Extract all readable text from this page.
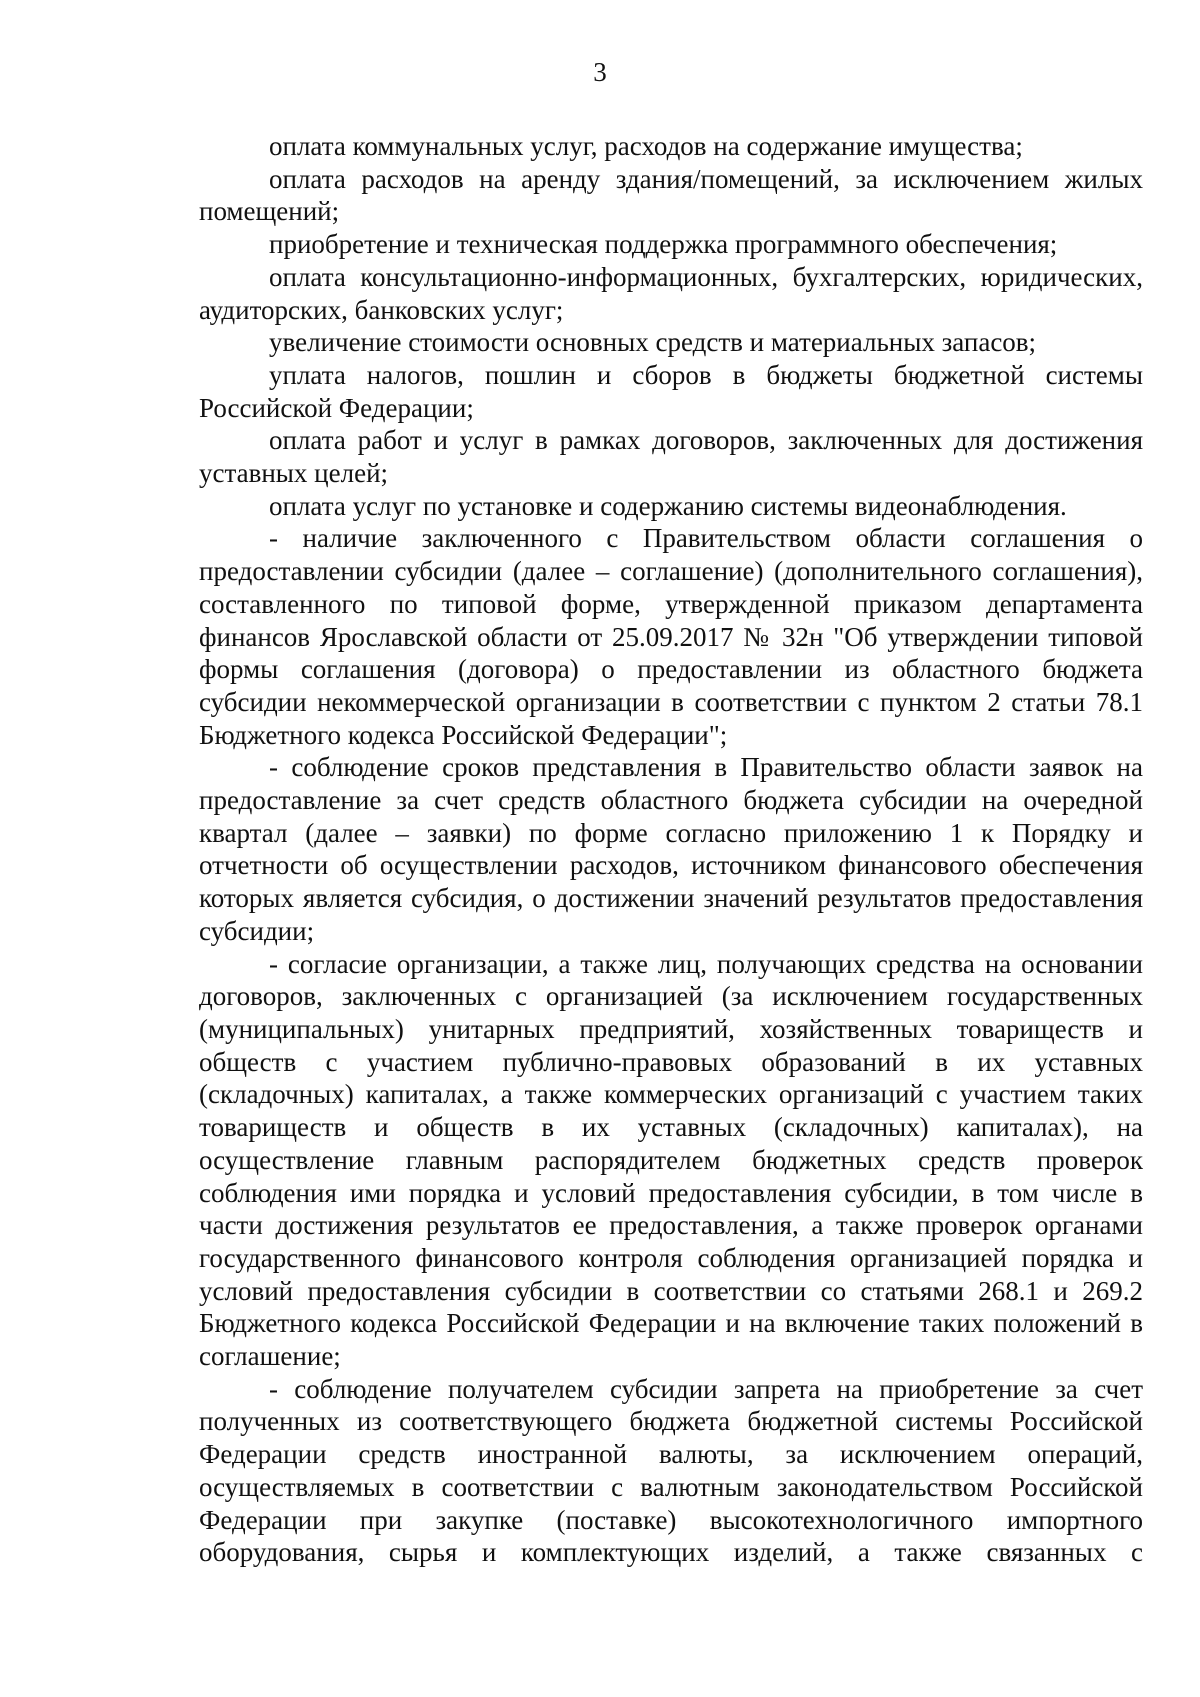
3

оплата коммунальных услуг, расходов на содержание имущества;

оплата расходов на аренду здания/помещений, за исключением жилых помещений;

приобретение и техническая поддержка программного обеспечения;

оплата консультационно-информационных, бухгалтерских, юридических, аудиторских, банковских услуг;

увеличение стоимости основных средств и материальных запасов;

уплата налогов, пошлин и сборов в бюджеты бюджетной системы Российской Федерации;

оплата работ и услуг в рамках договоров, заключенных для достижения уставных целей;

оплата услуг по установке и содержанию системы видеонаблюдения.

- наличие заключенного с Правительством области соглашения о предоставлении субсидии (далее – соглашение) (дополнительного соглашения), составленного по типовой форме, утвержденной приказом департамента финансов Ярославской области от 25.09.2017 № 32н "Об утверждении типовой формы соглашения (договора) о предоставлении из областного бюджета субсидии некоммерческой организации в соответствии с пунктом 2 статьи 78.1 Бюджетного кодекса Российской Федерации";

- соблюдение сроков представления в Правительство области заявок на предоставление за счет средств областного бюджета субсидии на очередной квартал (далее – заявки) по форме согласно приложению 1 к Порядку и отчетности об осуществлении расходов, источником финансового обеспечения которых является субсидия, о достижении значений результатов предоставления субсидии;

- согласие организации, а также лиц, получающих средства на основании договоров, заключенных с организацией (за исключением государственных (муниципальных) унитарных предприятий, хозяйственных товариществ и обществ с участием публично-правовых образований в их уставных (складочных) капиталах, а также коммерческих организаций с участием таких товариществ и обществ в их уставных (складочных) капиталах), на осуществление главным распорядителем бюджетных средств проверок соблюдения ими порядка и условий предоставления субсидии, в том числе в части достижения результатов ее предоставления, а также проверок органами государственного финансового контроля соблюдения организацией порядка и условий предоставления субсидии в соответствии со статьями 268.1 и 269.2 Бюджетного кодекса Российской Федерации и на включение таких положений в соглашение;

- соблюдение получателем субсидии запрета на приобретение за счет полученных из соответствующего бюджета бюджетной системы Российской Федерации средств иностранной валюты, за исключением операций, осуществляемых в соответствии с валютным законодательством Российской Федерации при закупке (поставке) высокотехнологичного импортного оборудования, сырья и комплектующих изделий, а также связанных с
